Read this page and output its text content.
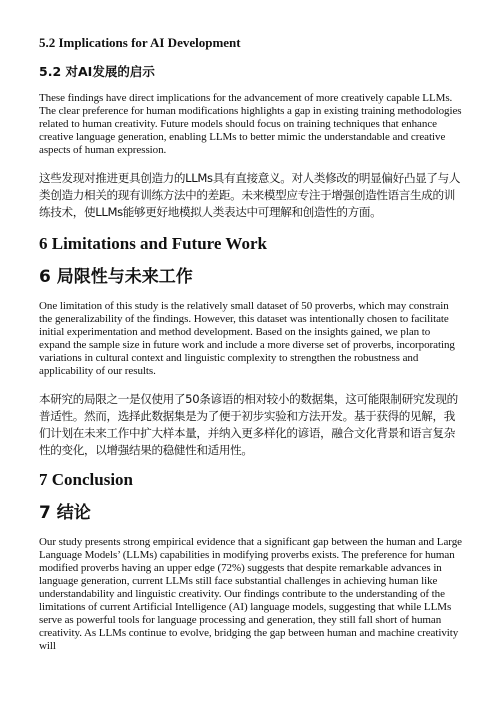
5.2 Implications for AI Development
5.2 对AI发展的启示

These findings have direct implications for the advancement of more creatively capable LLMs. The clear preference for human modifications highlights a gap in existing training methodologies related to human creativity. Future models should focus on training techniques that enhance creative language generation, enabling LLMs to better mimic the understandable and creative aspects of human expression.

这些发现对推进更具创造力的LLMs具有直接意义。对人类修改的明显偏好凸显了与人类创造力相关的现有训练方法中的差距。未来模型应专注于增强创造性语言生成的训练技术，使LLMs能够更好地模拟人类表达中可理解和创造性的方面。

6 Limitations and Future Work
6 局限性与未来工作

One limitation of this study is the relatively small dataset of 50 proverbs, which may constrain the generalizability of the findings. However, this dataset was intentionally chosen to facilitate initial experimentation and method development. Based on the insights gained, we plan to expand the sample size in future work and include a more diverse set of proverbs, incorporating variations in cultural context and linguistic complexity to strengthen the robustness and applicability of our results.

本研究的局限之一是仅使用了50条谚语的相对较小的数据集，这可能限制研究发现的普适性。然而，选择此数据集是为了便于初步实验和方法开发。基于获得的见解，我们计划在未来工作中扩大样本量，并纳入更多样化的谚语，融合文化背景和语言复杂性的变化，以增强结果的稳健性和适用性。

7 Conclusion
7 结论

Our study presents strong empirical evidence that a significant gap between the human and Large Language Models’ (LLMs) capabilities in modifying proverbs exists. The preference for human modified proverbs having an upper edge (72%) suggests that despite remarkable advances in language generation, current LLMs still face substantial challenges in achieving human like understandability and linguistic creativity. Our findings contribute to the understanding of the limitations of current Artificial Intelligence (AI) language models, suggesting that while LLMs serve as powerful tools for language processing and generation, they still fall short of human creativity. As LLMs continue to evolve, bridging the gap between human and machine creativity will
